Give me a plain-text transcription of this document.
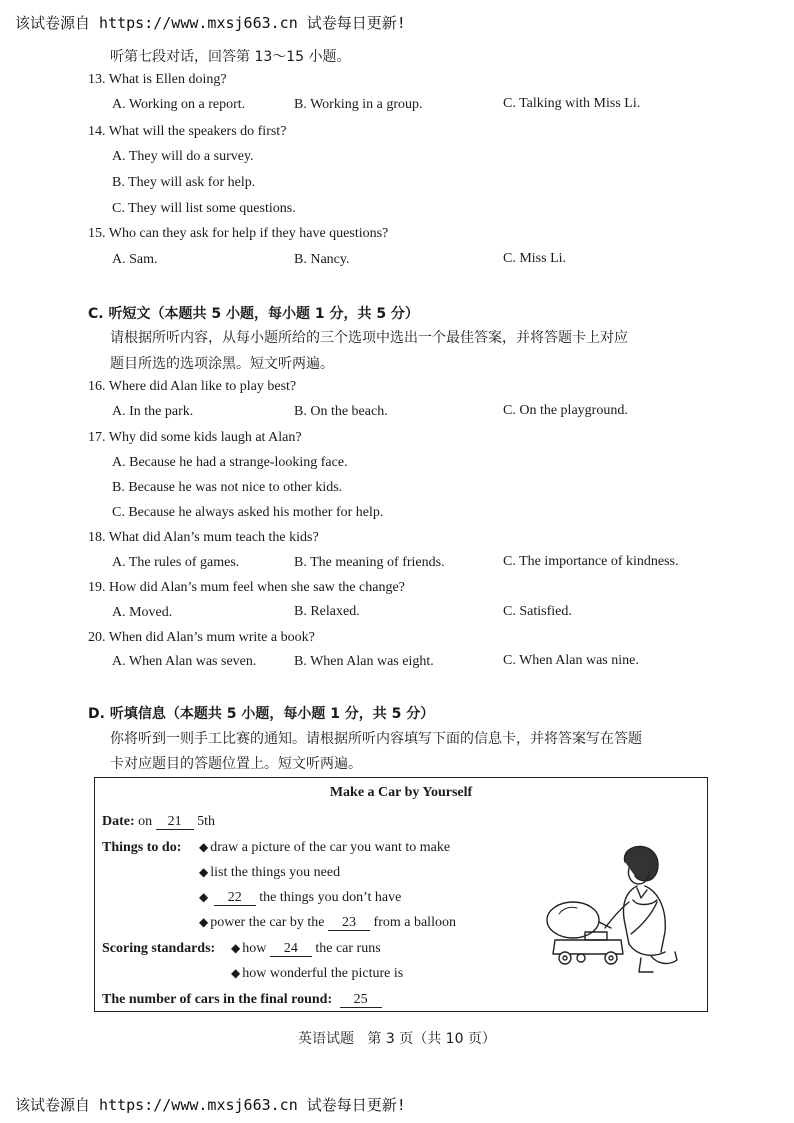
该试卷源自 https://www.mxsj663.cn 试卷每日更新!
听第七段对话，回答第 13～15 小题。
13. What is Ellen doing?
A. Working on a report.	B. Working in a group.	C. Talking with Miss Li.
14. What will the speakers do first?
A. They will do a survey.
B. They will ask for help.
C. They will list some questions.
15. Who can they ask for help if they have questions?
A. Sam.	B. Nancy.	C. Miss Li.
C. 听短文（本题共 5 小题，每小题 1 分，共 5 分）
请根据所听内容，从每小题所给的三个选项中选出一个最佳答案，并将答题卡上对应
题目所选的选项涂黑。短文听两遍。
16. Where did Alan like to play best?
A. In the park.	B. On the beach.	C. On the playground.
17. Why did some kids laugh at Alan?
A. Because he had a strange-looking face.
B. Because he was not nice to other kids.
C. Because he always asked his mother for help.
18. What did Alan’s mum teach the kids?
A. The rules of games.	B. The meaning of friends.	C. The importance of kindness.
19. How did Alan’s mum feel when she saw the change?
A. Moved.	B. Relaxed.	C. Satisfied.
20. When did Alan’s mum write a book?
A. When Alan was seven.	B. When Alan was eight.	C. When Alan was nine.
D. 听填信息（本题共 5 小题，每小题 1 分，共 5 分）
你将听到一则手工比赛的通知。请根据所听内容填写下面的信息卡，并将答案写在答题
卡对应题目的答题位置上。短文听两遍。
Make a Car by Yourself
Date: on 21 5th
Things to do: ◆ draw a picture of the car you want to make
◆ list the things you need
◆ 22 the things you don’t have
◆ power the car by the 23 from a balloon
Scoring standards: ◆ how 24 the car runs
◆ how wonderful the picture is
The number of cars in the final round: 25
英语试题 第 3 页（共 10 页）
该试卷源自 https://www.mxsj663.cn 试卷每日更新!
